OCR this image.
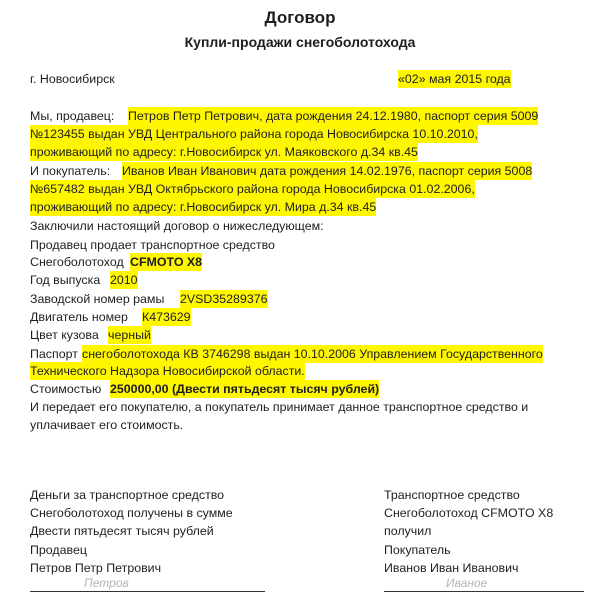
Договор
Купли-продажи снегоболотохода
г. Новосибирск	«02» мая 2015 года
Мы, продавец: Петров Петр Петрович, дата рождения 24.12.1980, паспорт серия 5009
№123455 выдан УВД Центрального района города Новосибирска 10.10.2010,
проживающий по адресу: г.Новосибирск ул. Маяковского д.34 кв.45
И покупатель: Иванов Иван Иванович дата рождения 14.02.1976, паспорт серия 5008
№657482 выдан УВД Октябрьского района города Новосибирска 01.02.2006,
проживающий по адресу: г.Новосибирск ул. Мира д.34 кв.45
Заключили настоящий договор о нижеследующем:
Продавец продает транспортное средство
Снегоболотоход CFMOTO X8
Год выпуска 2010
Заводской номер рамы 2VSD35289376
Двигатель номер К473629
Цвет кузова черный
Паспорт снегоболотохода КВ 3746298 выдан 10.10.2006 Управлением Государственного
Технического Надзора Новосибирской области.
Стоимостью 250000,00 (Двести пятьдесят тысяч рублей)
И передает его покупателю, а покупатель принимает данное транспортное средство и
уплачивает его стоимость.
Деньги за транспортное средство
Снегоболотоход получены в сумме
Двести пятьдесят тысяч рублей
Продавец
Петров Петр Петрович
Петров
Транспортное средство
Снегоболотоход CFMOTO X8
получил
Покупатель
Иванов Иван Иванович
Иваное
